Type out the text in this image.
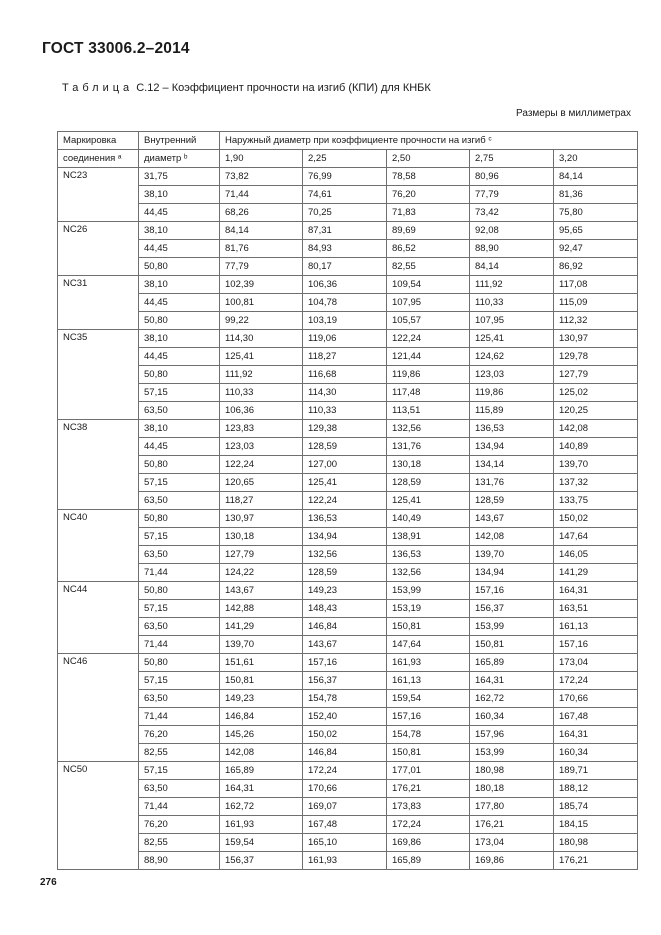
ГОСТ 33006.2–2014
Таблица С.12 – Коэффициент прочности на изгиб (КПИ) для КНБК
Размеры в миллиметрах
Маркировка	Внутренний	Наружный диаметр при коэффициенте прочности на изгиб ᶜ				
соединения ᵃ	диаметр ᵇ	1,90	2,25	2,50	2,75	3,20
NC23	31,75	73,82	76,99	78,58	80,96	84,14
	38,10	71,44	74,61	76,20	77,79	81,36
	44,45	68,26	70,25	71,83	73,42	75,80
NC26	38,10	84,14	87,31	89,69	92,08	95,65
	44,45	81,76	84,93	86,52	88,90	92,47
	50,80	77,79	80,17	82,55	84,14	86,92
NC31	38,10	102,39	106,36	109,54	111,92	117,08
	44,45	100,81	104,78	107,95	110,33	115,09
	50,80	99,22	103,19	105,57	107,95	112,32
NC35	38,10	114,30	119,06	122,24	125,41	130,97
	44,45	125,41	118,27	121,44	124,62	129,78
	50,80	111,92	116,68	119,86	123,03	127,79
	57,15	110,33	114,30	117,48	119,86	125,02
	63,50	106,36	110,33	113,51	115,89	120,25
NC38	38,10	123,83	129,38	132,56	136,53	142,08
	44,45	123,03	128,59	131,76	134,94	140,89
	50,80	122,24	127,00	130,18	134,14	139,70
	57,15	120,65	125,41	128,59	131,76	137,32
	63,50	118,27	122,24	125,41	128,59	133,75
NC40	50,80	130,97	136,53	140,49	143,67	150,02
	57,15	130,18	134,94	138,91	142,08	147,64
	63,50	127,79	132,56	136,53	139,70	146,05
	71,44	124,22	128,59	132,56	134,94	141,29
NC44	50,80	143,67	149,23	153,99	157,16	164,31
	57,15	142,88	148,43	153,19	156,37	163,51
	63,50	141,29	146,84	150,81	153,99	161,13
	71,44	139,70	143,67	147,64	150,81	157,16
NC46	50,80	151,61	157,16	161,93	165,89	173,04
	57,15	150,81	156,37	161,13	164,31	172,24
	63,50	149,23	154,78	159,54	162,72	170,66
	71,44	146,84	152,40	157,16	160,34	167,48
	76,20	145,26	150,02	154,78	157,96	164,31
	82,55	142,08	146,84	150,81	153,99	160,34
NC50	57,15	165,89	172,24	177,01	180,98	189,71
	63,50	164,31	170,66	176,21	180,18	188,12
	71,44	162,72	169,07	173,83	177,80	185,74
	76,20	161,93	167,48	172,24	176,21	184,15
	82,55	159,54	165,10	169,86	173,04	180,98
	88,90	156,37	161,93	165,89	169,86	176,21
276
